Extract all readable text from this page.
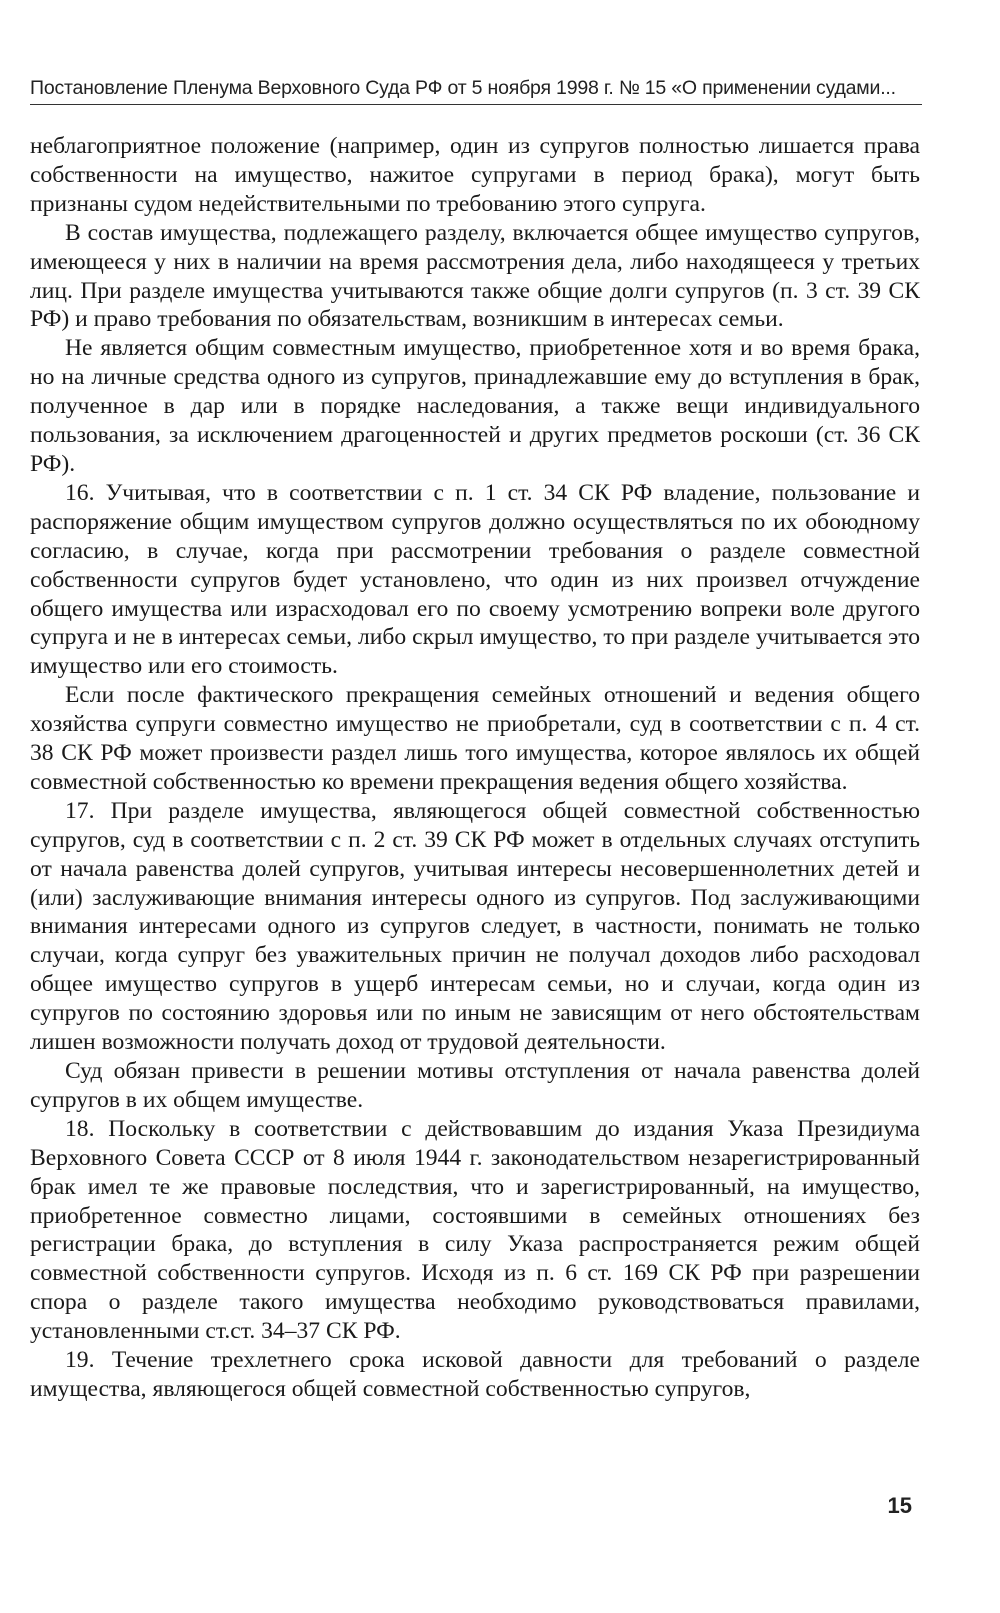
Постановление Пленума Верховного Суда РФ от 5 ноября 1998 г. № 15 «О применении судами...

неблагоприятное положение (например, один из супругов полностью лишается права собственности на имущество, нажитое супругами в период брака), могут быть признаны судом недействительными по требованию этого супруга.

В состав имущества, подлежащего разделу, включается общее имущество супругов, имеющееся у них в наличии на время рассмотрения дела, либо находящееся у третьих лиц. При разделе имущества учитываются также общие долги супругов (п. 3 ст. 39 СК РФ) и право требования по обязательствам, возникшим в интересах семьи.

Не является общим совместным имущество, приобретенное хотя и во время брака, но на личные средства одного из супругов, принадлежавшие ему до вступления в брак, полученное в дар или в порядке наследования, а также вещи индивидуального пользования, за исключением драгоценностей и других предметов роскоши (ст. 36 СК РФ).

16. Учитывая, что в соответствии с п. 1 ст. 34 СК РФ владение, пользование и распоряжение общим имуществом супругов должно осуществляться по их обоюдному согласию, в случае, когда при рассмотрении требования о разделе совместной собственности супругов будет установлено, что один из них произвел отчуждение общего имущества или израсходовал его по своему усмотрению вопреки воле другого супруга и не в интересах семьи, либо скрыл имущество, то при разделе учитывается это имущество или его стоимость.

Если после фактического прекращения семейных отношений и ведения общего хозяйства супруги совместно имущество не приобретали, суд в соответствии с п. 4 ст. 38 СК РФ может произвести раздел лишь того имущества, которое являлось их общей совместной собственностью ко времени прекращения ведения общего хозяйства.

17. При разделе имущества, являющегося общей совместной собственностью супругов, суд в соответствии с п. 2 ст. 39 СК РФ может в отдельных случаях отступить от начала равенства долей супругов, учитывая интересы несовершеннолетних детей и (или) заслуживающие внимания интересы одного из супругов. Под заслуживающими внимания интересами одного из супругов следует, в частности, понимать не только случаи, когда супруг без уважительных причин не получал доходов либо расходовал общее имущество супругов в ущерб интересам семьи, но и случаи, когда один из супругов по состоянию здоровья или по иным не зависящим от него обстоятельствам лишен возможности получать доход от трудовой деятельности.

Суд обязан привести в решении мотивы отступления от начала равенства долей супругов в их общем имуществе.

18. Поскольку в соответствии с действовавшим до издания Указа Президиума Верховного Совета СССР от 8 июля 1944 г. законодательством незарегистрированный брак имел те же правовые последствия, что и зарегистрированный, на имущество, приобретенное совместно лицами, состоявшими в семейных отношениях без регистрации брака, до вступления в силу Указа распространяется режим общей совместной собственности супругов. Исходя из п. 6 ст. 169 СК РФ при разрешении спора о разделе такого имущества необходимо руководствоваться правилами, установленными ст.ст. 34–37 СК РФ.

19. Течение трехлетнего срока исковой давности для требований о разделе имущества, являющегося общей совместной собственностью супругов,

15
